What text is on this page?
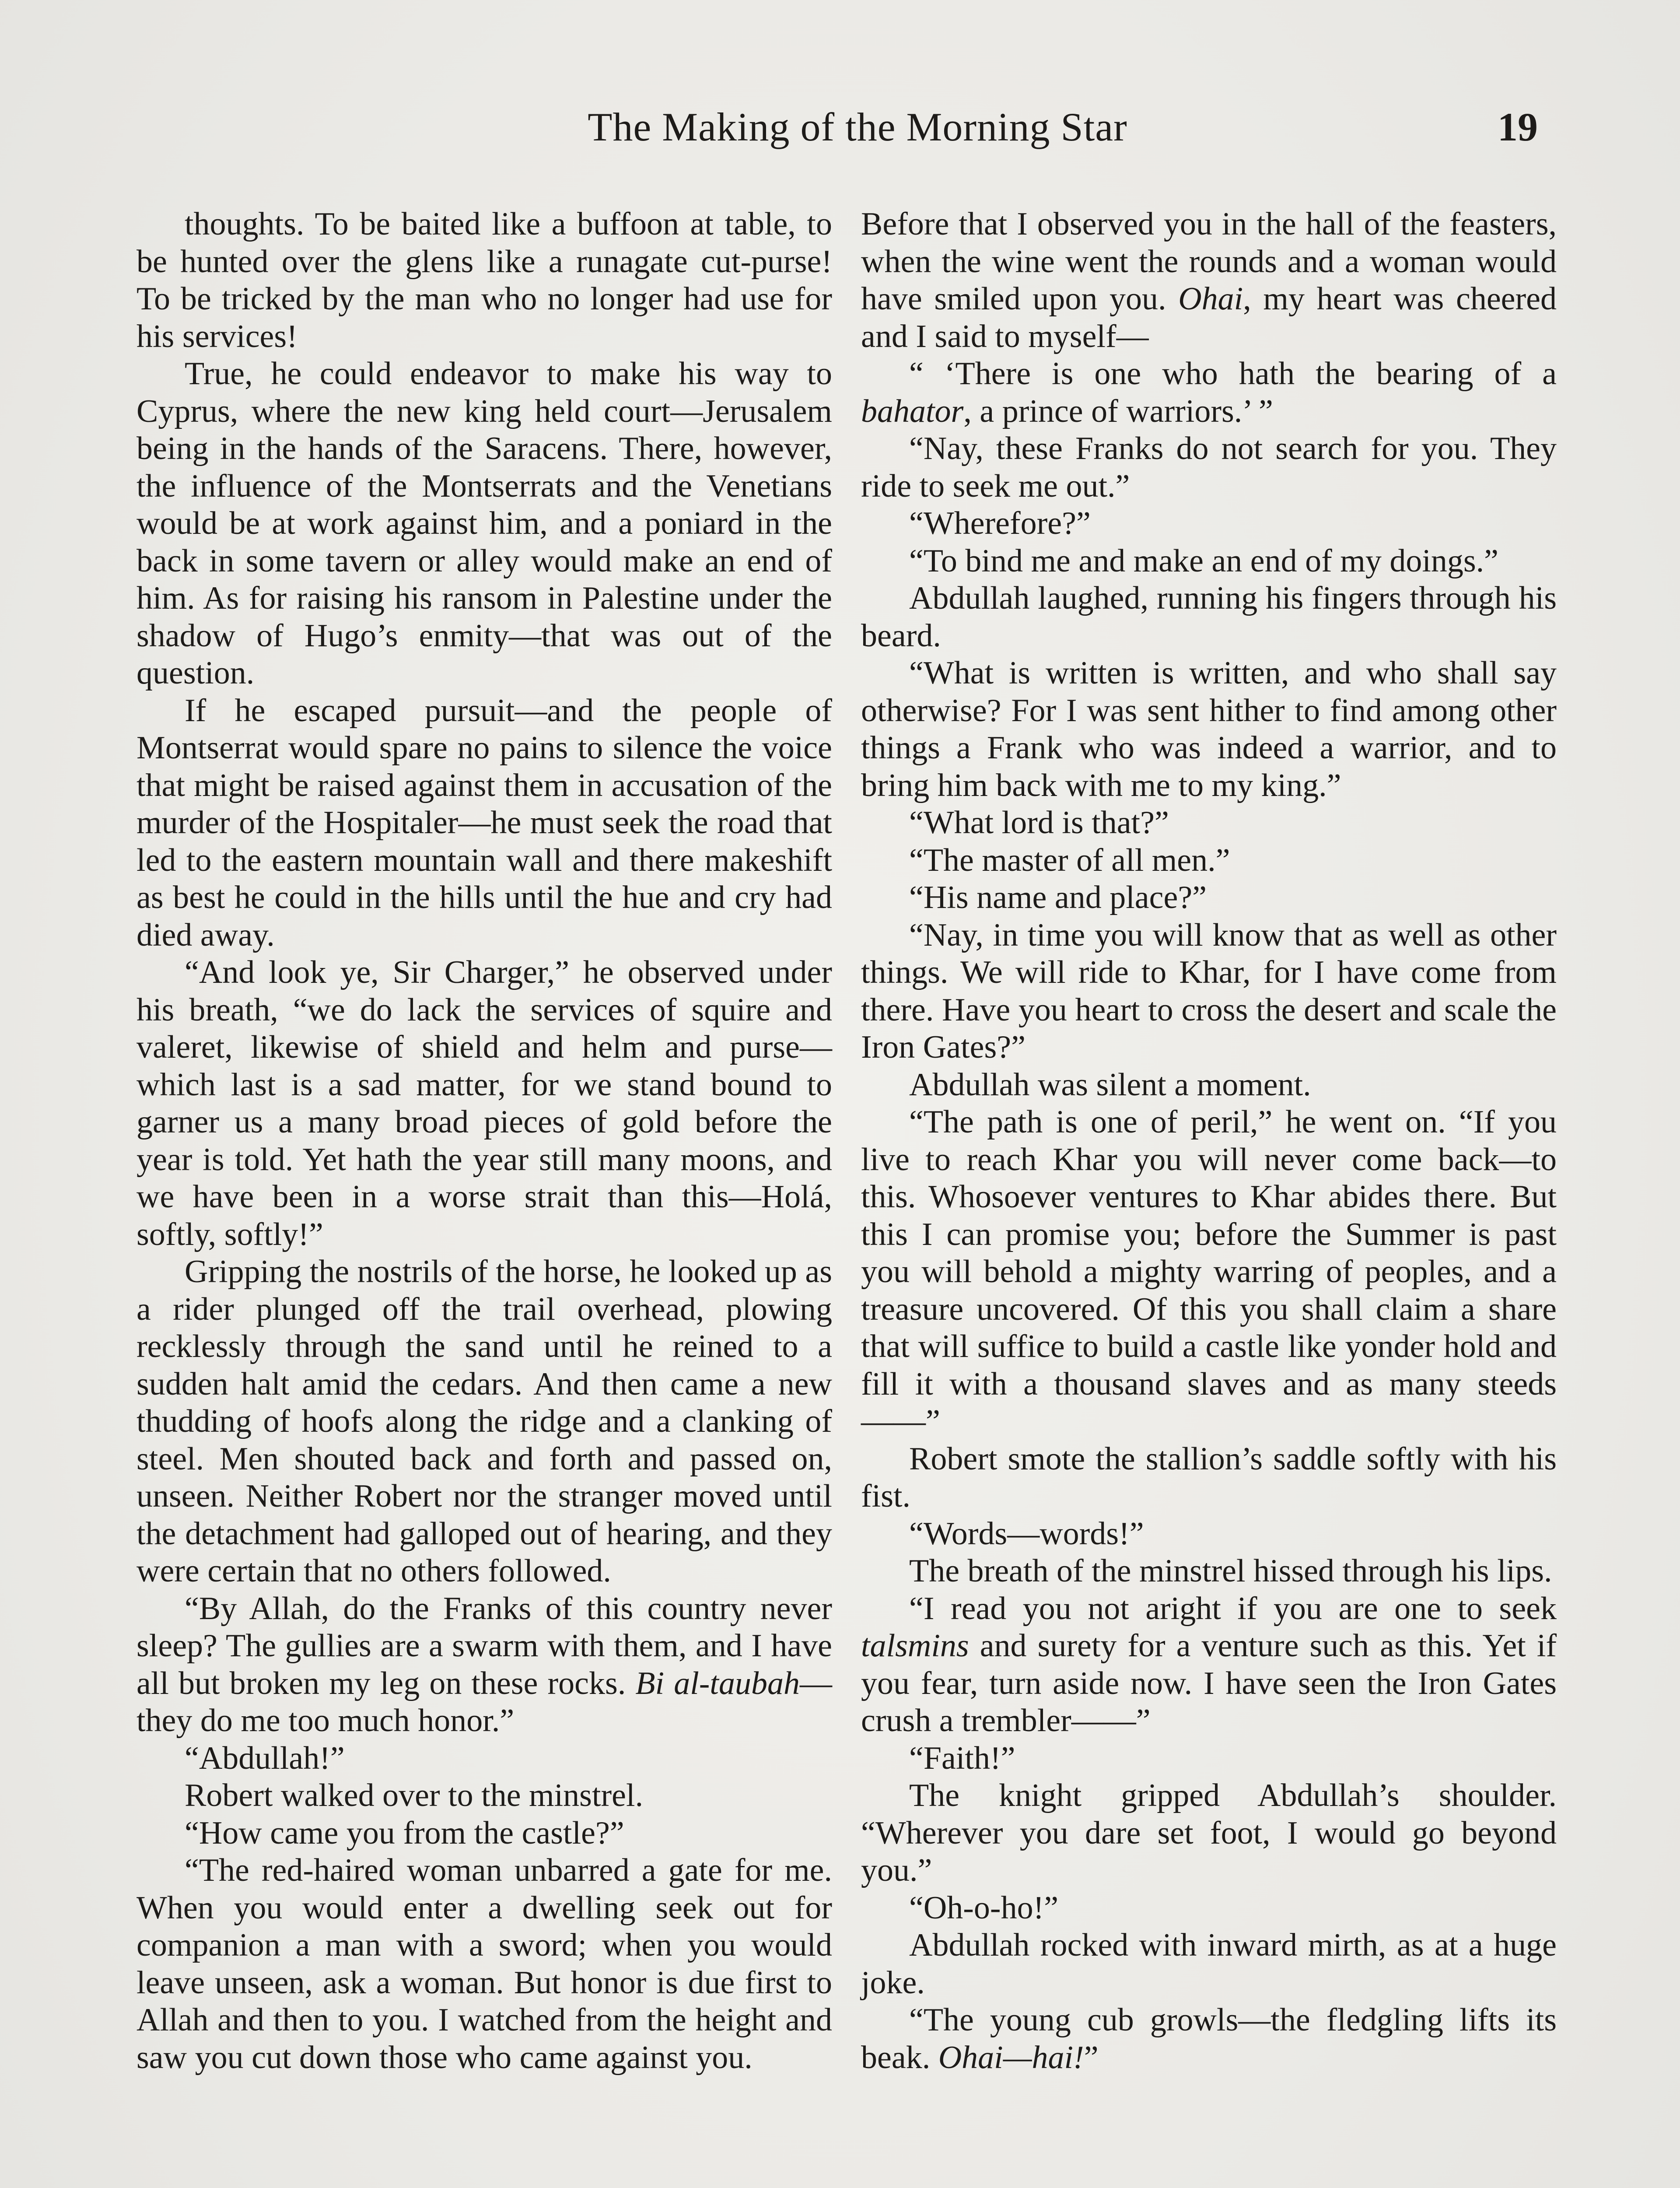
The Making of the Morning Star	19

thoughts. To be baited like a buffoon at table, to be hunted over the glens like a runagate cut-purse! To be tricked by the man who no longer had use for his services!

True, he could endeavor to make his way to Cyprus, where the new king held court—Jerusalem being in the hands of the Saracens. There, however, the influence of the Montserrats and the Venetians would be at work against him, and a poniard in the back in some tavern or alley would make an end of him. As for raising his ransom in Palestine under the shadow of Hugo’s enmity—that was out of the question.

If he escaped pursuit—and the people of Montserrat would spare no pains to silence the voice that might be raised against them in accusation of the murder of the Hospitaler—he must seek the road that led to the eastern mountain wall and there makeshift as best he could in the hills until the hue and cry had died away.

“And look ye, Sir Charger,” he observed under his breath, “we do lack the services of squire and valeret, likewise of shield and helm and purse—which last is a sad matter, for we stand bound to garner us a many broad pieces of gold before the year is told. Yet hath the year still many moons, and we have been in a worse strait than this—Holá, softly, softly!”

Gripping the nostrils of the horse, he looked up as a rider plunged off the trail overhead, plowing recklessly through the sand until he reined to a sudden halt amid the cedars. And then came a new thudding of hoofs along the ridge and a clanking of steel. Men shouted back and forth and passed on, unseen. Neither Robert nor the stranger moved until the detachment had galloped out of hearing, and they were certain that no others followed.

“By Allah, do the Franks of this country never sleep? The gullies are a swarm with them, and I have all but broken my leg on these rocks. Bi al-taubah—they do me too much honor.”

“Abdullah!”

Robert walked over to the minstrel.

“How came you from the castle?”

“The red-haired woman unbarred a gate for me. When you would enter a dwelling seek out for companion a man with a sword; when you would leave unseen, ask a woman. But honor is due first to Allah and then to you. I watched from the height and saw you cut down those who came against you.

Before that I observed you in the hall of the feasters, when the wine went the rounds and a woman would have smiled upon you. Ohai, my heart was cheered and I said to myself—

“ ‘There is one who hath the bearing of a bahator, a prince of warriors.’ ”

“Nay, these Franks do not search for you. They ride to seek me out.”

“Wherefore?”

“To bind me and make an end of my doings.”

Abdullah laughed, running his fingers through his beard.

“What is written is written, and who shall say otherwise? For I was sent hither to find among other things a Frank who was indeed a warrior, and to bring him back with me to my king.”

“What lord is that?”

“The master of all men.”

“His name and place?”

“Nay, in time you will know that as well as other things. We will ride to Khar, for I have come from there. Have you heart to cross the desert and scale the Iron Gates?”

Abdullah was silent a moment.

“The path is one of peril,” he went on. “If you live to reach Khar you will never come back—to this. Whosoever ventures to Khar abides there. But this I can promise you; before the Summer is past you will behold a mighty warring of peoples, and a treasure uncovered. Of this you shall claim a share that will suffice to build a castle like yonder hold and fill it with a thousand slaves and as many steeds——”

Robert smote the stallion’s saddle softly with his fist.

“Words—words!”

The breath of the minstrel hissed through his lips.

“I read you not aright if you are one to seek talsmins and surety for a venture such as this. Yet if you fear, turn aside now. I have seen the Iron Gates crush a trembler——”

“Faith!”

The knight gripped Abdullah’s shoulder. “Wherever you dare set foot, I would go beyond you.”

“Oh-o-ho!”

Abdullah rocked with inward mirth, as at a huge joke.

“The young cub growls—the fledgling lifts its beak. Ohai—hai!”
